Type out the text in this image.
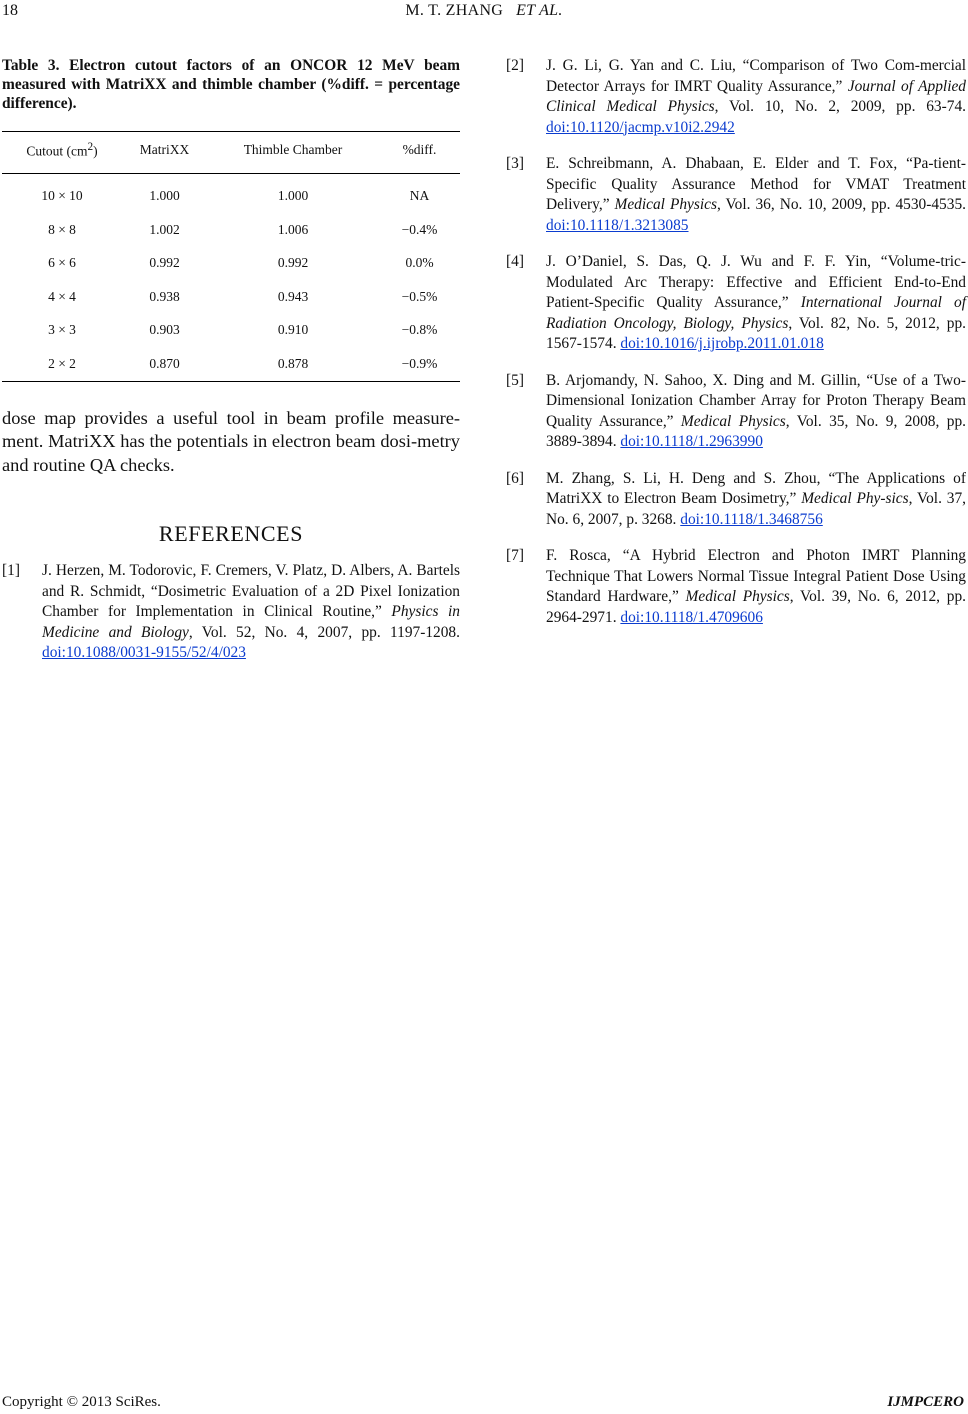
18	M. T. ZHANG ET AL.

Table 3. Electron cutout factors of an ONCOR 12 MeV beam measured with MatriXX and thimble chamber (%diff. = percentage difference).

Cutout $(cm^2)$	MatriXX	Thimble Chamber	%diff.
10 × 10	1.000	1.000	NA
8 × 8	1.002	1.006	−0.4%
6 × 6	0.992	0.992	0.0%
4 × 4	0.938	0.943	−0.5%
3 × 3	0.903	0.910	−0.8%
2 × 2	0.870	0.878	−0.9%
dose map provides a useful tool in beam profile measure-ment. MatriXX has the potentials in electron beam dosi-metry and routine QA checks.
REFERENCES
[1]	J. Herzen, M. Todorovic, F. Cremers, V. Platz, D. Albers, A. Bartels and R. Schmidt, “Dosimetric Evaluation of a 2D Pixel Ionization Chamber for Implementation in Clinical Routine,” Physics in Medicine and Biology, Vol. 52, No. 4, 2007, pp. 1197-1208. doi:10.1088/0031-9155/52/4/023
[2]	J. G. Li, G. Yan and C. Liu, “Comparison of Two Com-mercial Detector Arrays for IMRT Quality Assurance,” Journal of Applied Clinical Medical Physics, Vol. 10, No. 2, 2009, pp. 63-74. doi:10.1120/jacmp.v10i2.2942
[3]	E. Schreibmann, A. Dhabaan, E. Elder and T. Fox, “Pa-tient-Specific Quality Assurance Method for VMAT Treatment Delivery,” Medical Physics, Vol. 36, No. 10, 2009, pp. 4530-4535. doi:10.1118/1.3213085
[4]	J. O’Daniel, S. Das, Q. J. Wu and F. F. Yin, “Volume-tric-Modulated Arc Therapy: Effective and Efficient End-to-End Patient-Specific Quality Assurance,” International Journal of Radiation Oncology, Biology, Physics, Vol. 82, No. 5, 2012, pp. 1567-1574. doi:10.1016/j.ijrobp.2011.01.018
[5]	B. Arjomandy, N. Sahoo, X. Ding and M. Gillin, “Use of a Two-Dimensional Ionization Chamber Array for Proton Therapy Beam Quality Assurance,” Medical Physics, Vol. 35, No. 9, 2008, pp. 3889-3894. doi:10.1118/1.2963990
[6]	M. Zhang, S. Li, H. Deng and S. Zhou, “The Applications of MatriXX to Electron Beam Dosimetry,” Medical Phy-sics, Vol. 37, No. 6, 2007, p. 3268. doi:10.1118/1.3468756
[7]	F. Rosca, “A Hybrid Electron and Photon IMRT Planning Technique That Lowers Normal Tissue Integral Patient Dose Using Standard Hardware,” Medical Physics, Vol. 39, No. 6, 2012, pp. 2964-2971. doi:10.1118/1.4709606
Copyright © 2013 SciRes.	IJMPCERO
